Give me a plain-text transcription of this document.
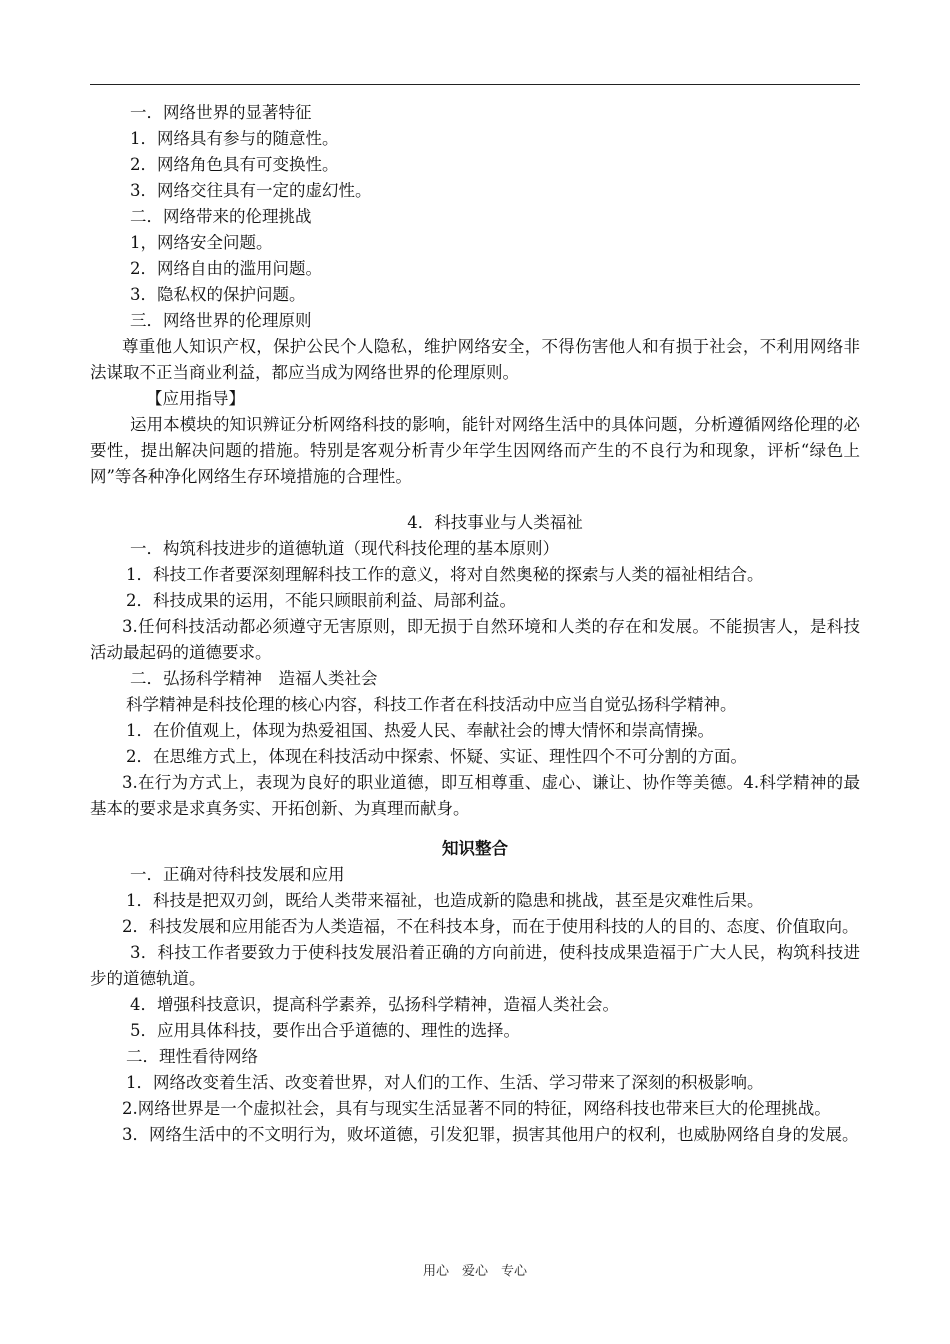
一．网络世界的显著特征
1．网络具有参与的随意性。
2．网络角色具有可变换性。
3．网络交往具有一定的虚幻性。
二．网络带来的伦理挑战
1，网络安全问题。
2．网络自由的滥用问题。
3．隐私权的保护问题。
三．网络世界的伦理原则
尊重他人知识产权，保护公民个人隐私，维护网络安全，不得伤害他人和有损于社会，不利用网络非法谋取不正当商业利益，都应当成为网络世界的伦理原则。
【应用指导】
运用本模块的知识辨证分析网络科技的影响，能针对网络生活中的具体问题，分析遵循网络伦理的必要性，提出解决问题的措施。特别是客观分析青少年学生因网络而产生的不良行为和现象，评析“绿色上网”等各种净化网络生存环境措施的合理性。
4．科技事业与人类福祉
一．构筑科技进步的道德轨道（现代科技伦理的基本原则）
1．科技工作者要深刻理解科技工作的意义，将对自然奥秘的探索与人类的福祉相结合。
2．科技成果的运用，不能只顾眼前利益、局部利益。
3.任何科技活动都必须遵守无害原则，即无损于自然环境和人类的存在和发展。不能损害人，是科技活动最起码的道德要求。
二．弘扬科学精神　造福人类社会
科学精神是科技伦理的核心内容，科技工作者在科技活动中应当自觉弘扬科学精神。
1．在价值观上，体现为热爱祖国、热爱人民、奉献社会的博大情怀和崇高情操。
2．在思维方式上，体现在科技活动中探索、怀疑、实证、理性四个不可分割的方面。
3.在行为方式上，表现为良好的职业道德，即互相尊重、虚心、谦让、协作等美德。4.科学精神的最基本的要求是求真务实、开拓创新、为真理而献身。
知识整合
一．正确对待科技发展和应用
1．科技是把双刃剑，既给人类带来福祉，也造成新的隐患和挑战，甚至是灾难性后果。
2．科技发展和应用能否为人类造福，不在科技本身，而在于使用科技的人的目的、态度、价值取向。
3．科技工作者要致力于使科技发展沿着正确的方向前进，使科技成果造福于广大人民，构筑科技进步的道德轨道。
4．增强科技意识，提高科学素养，弘扬科学精神，造福人类社会。
5．应用具体科技，要作出合乎道德的、理性的选择。
二．理性看待网络
1．网络改变着生活、改变着世界，对人们的工作、生活、学习带来了深刻的积极影响。
2.网络世界是一个虚拟社会，具有与现实生活显著不同的特征，网络科技也带来巨大的伦理挑战。
3．网络生活中的不文明行为，败坏道德，引发犯罪，损害其他用户的权利，也威胁网络自身的发展。
用心　爱心　专心
